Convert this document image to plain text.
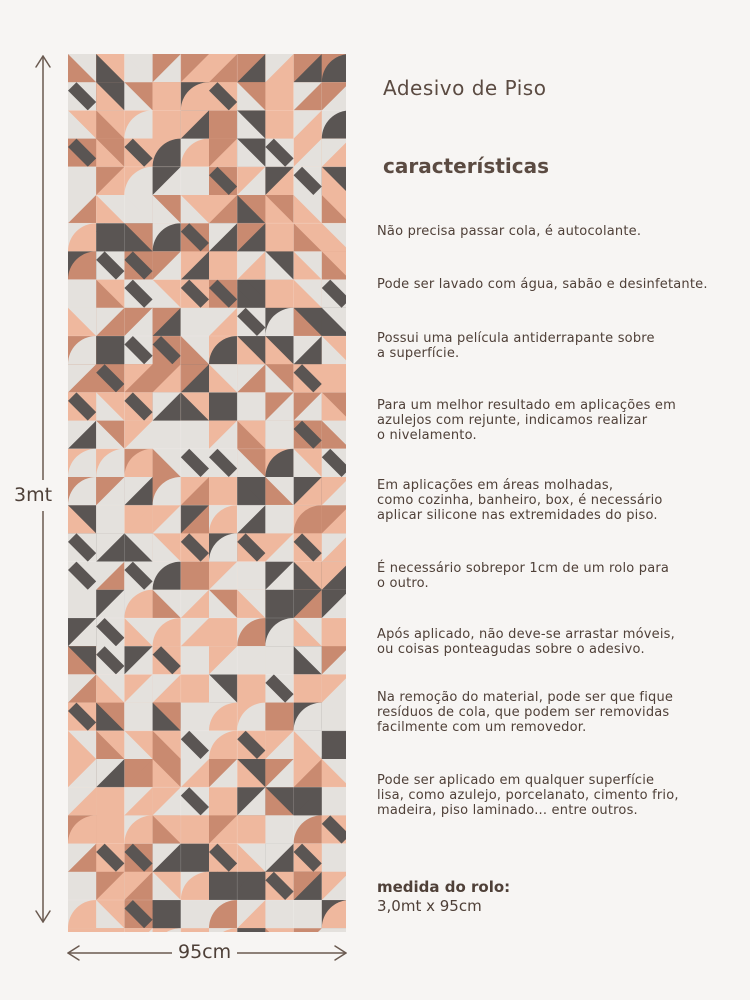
3mt
95cm
Adesivo de Piso
características
Não precisa passar cola, é autocolante.
Pode ser lavado com água, sabão e desinfetante.
Possui uma película antiderrapante sobre
a superfície.
Para um melhor resultado em aplicações em
azulejos com rejunte, indicamos realizar
o nivelamento.
Em aplicações em áreas molhadas,
como cozinha, banheiro, box, é necessário
aplicar silicone nas extremidades do piso.
É necessário sobrepor 1cm de um rolo para
o outro.
Após aplicado, não deve-se arrastar móveis,
ou coisas ponteagudas sobre o adesivo.
Na remoção do material, pode ser que fique
resíduos de cola, que podem ser removidas
facilmente com um removedor.
Pode ser aplicado em qualquer superfície
lisa, como azulejo, porcelanato, cimento frio,
madeira, piso laminado... entre outros.
medida do rolo:
3,0mt x 95cm
